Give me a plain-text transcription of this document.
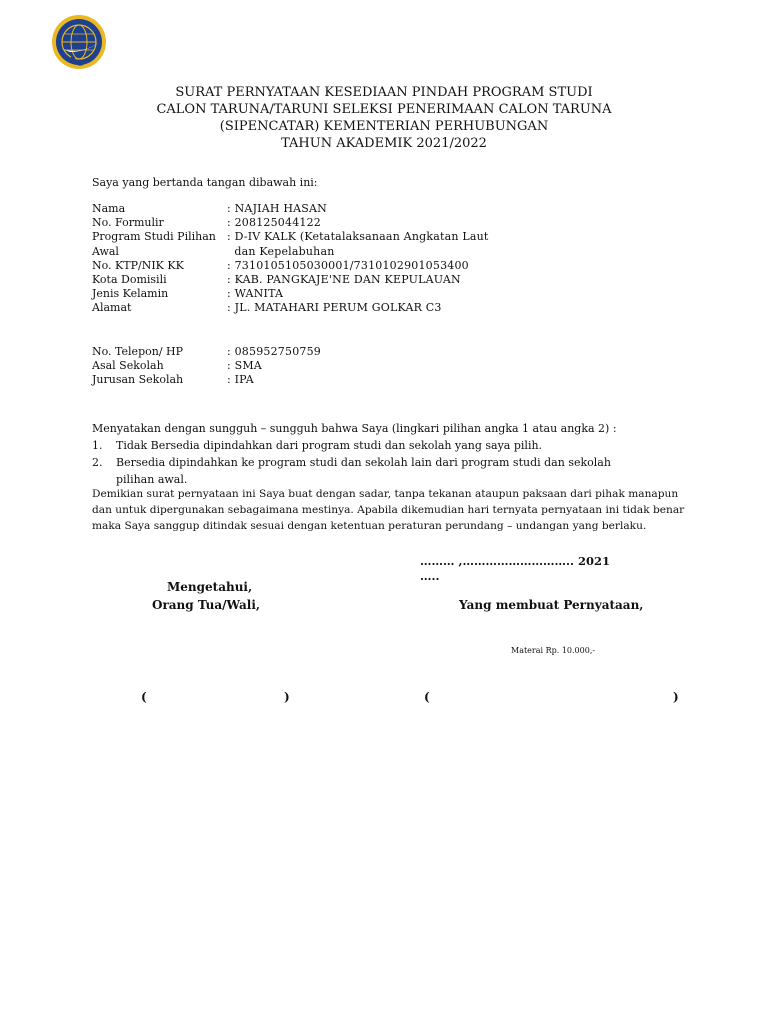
SURAT PERNYATAAN KESEDIAAN PINDAH PROGRAM STUDI
CALON TARUNA/TARUNI SELEKSI PENERIMAAN CALON TARUNA
(SIPENCATAR) KEMENTERIAN PERHUBUNGAN
TAHUN AKADEMIK 2021/2022
Saya yang bertanda tangan dibawah ini:
Nama	: NAJIAH HASAN
No. Formulir	: 208125044122
Program Studi Pilihan	: D-IV KALK (Ketatalaksanaan Angkatan Laut
Awal	dan Kepelabuhan
No. KTP/NIK KK	: 7310105105030001/7310102901053400
Kota Domisili	: KAB. PANGKAJE'NE DAN KEPULAUAN
Jenis Kelamin	: WANITA
Alamat	: JL. MATAHARI PERUM GOLKAR C3
No. Telepon/ HP	: 085952750759
Asal Sekolah	: SMA
Jurusan Sekolah	: IPA
Menyatakan dengan sungguh – sungguh bahwa Saya (lingkari pilihan angka 1 atau angka 2) :
1.	Tidak Bersedia dipindahkan dari program studi dan sekolah yang saya pilih.
2.	Bersedia dipindahkan ke program studi dan sekolah lain dari program studi dan sekolah pilihan awal.
Demikian surat pernyataan ini Saya buat dengan sadar, tanpa tekanan ataupun paksaan dari pihak manapun
dan untuk dipergunakan sebagaimana mestinya. Apabila dikemudian hari ternyata pernyataan ini tidak benar
maka Saya sanggup ditindak sesuai dengan ketentuan peraturan perundang – undangan yang berlaku.
……… ,……………………….. 2021
…..
Mengetahui,
Orang Tua/Wali,	Yang membuat Pernyataan,
Materai Rp. 10.000,-
(	)	(	)
